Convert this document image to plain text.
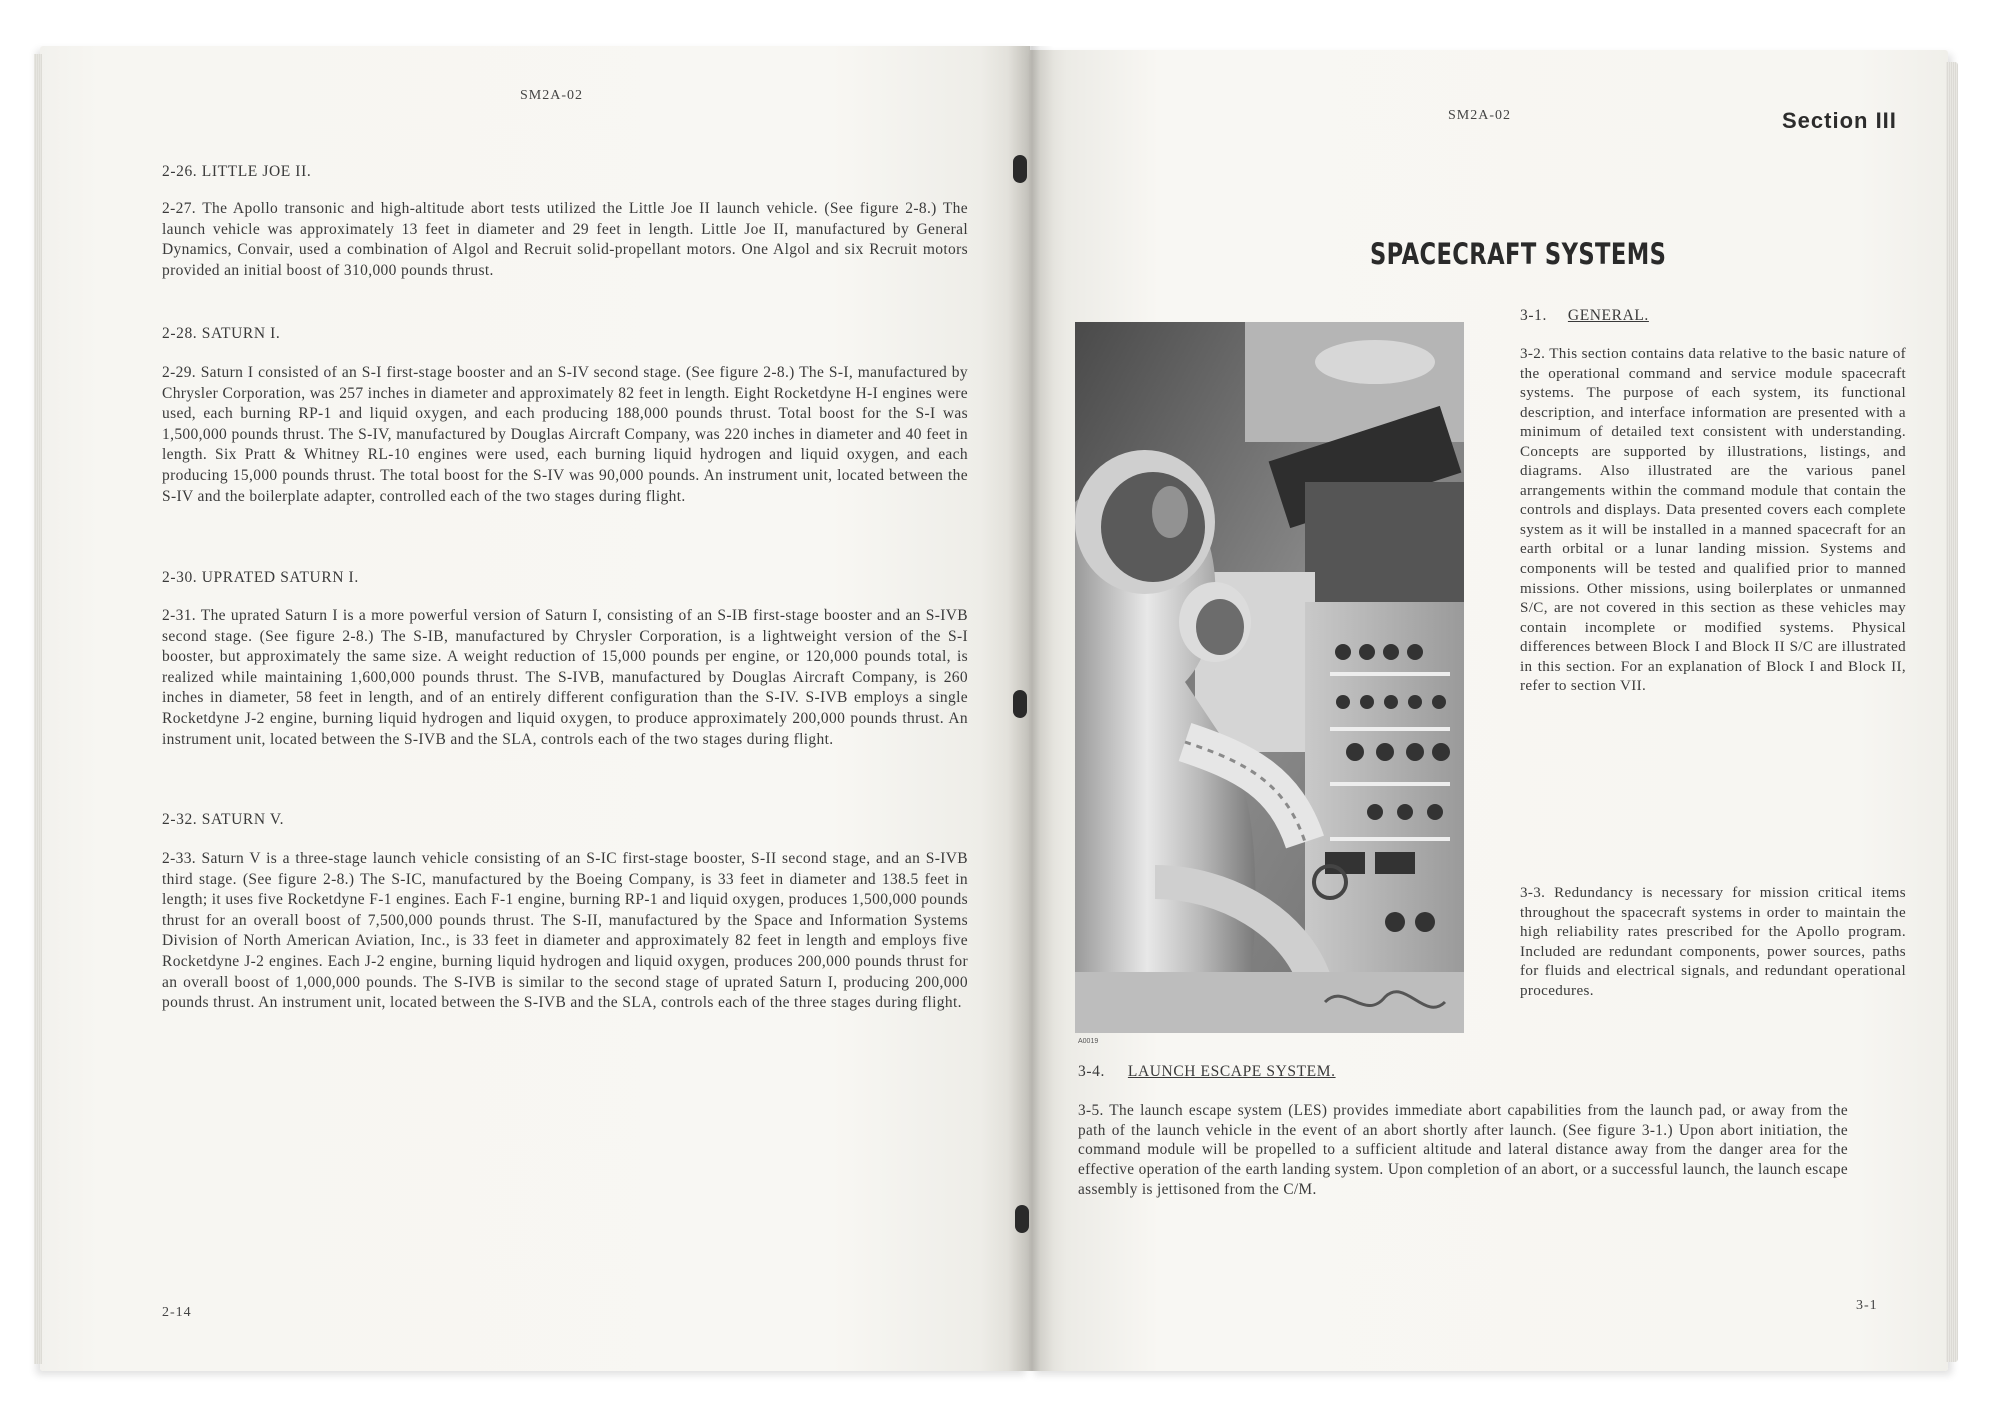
SM2A-02
2-26. LITTLE JOE II.

2-27. The Apollo transonic and high-altitude abort tests utilized the Little Joe II launch vehicle. (See figure 2-8.) The launch vehicle was approximately 13 feet in diameter and 29 feet in length. Little Joe II, manufactured by General Dynamics, Convair, used a combination of Algol and Recruit solid-propellant motors. One Algol and six Recruit motors provided an initial boost of 310,000 pounds thrust.

2-28. SATURN I.

2-29. Saturn I consisted of an S-I first-stage booster and an S-IV second stage. (See figure 2-8.) The S-I, manufactured by Chrysler Corporation, was 257 inches in diameter and approximately 82 feet in length. Eight Rocketdyne H-I engines were used, each burning RP-1 and liquid oxygen, and each producing 188,000 pounds thrust. Total boost for the S-I was 1,500,000 pounds thrust. The S-IV, manufactured by Douglas Aircraft Company, was 220 inches in diameter and 40 feet in length. Six Pratt & Whitney RL-10 engines were used, each burning liquid hydrogen and liquid oxygen, and each producing 15,000 pounds thrust. The total boost for the S-IV was 90,000 pounds. An instrument unit, located between the S-IV and the boilerplate adapter, controlled each of the two stages during flight.

2-30. UPRATED SATURN I.

2-31. The uprated Saturn I is a more powerful version of Saturn I, consisting of an S-IB first-stage booster and an S-IVB second stage. (See figure 2-8.) The S-IB, manufactured by Chrysler Corporation, is a lightweight version of the S-I booster, but approximately the same size. A weight reduction of 15,000 pounds per engine, or 120,000 pounds total, is realized while maintaining 1,600,000 pounds thrust. The S-IVB, manufactured by Douglas Aircraft Company, is 260 inches in diameter, 58 feet in length, and of an entirely different configuration than the S-IV. S-IVB employs a single Rocketdyne J-2 engine, burning liquid hydrogen and liquid oxygen, to produce approximately 200,000 pounds thrust. An instrument unit, located between the S-IVB and the SLA, controls each of the two stages during flight.

2-32. SATURN V.

2-33. Saturn V is a three-stage launch vehicle consisting of an S-IC first-stage booster, S-II second stage, and an S-IVB third stage. (See figure 2-8.) The S-IC, manufactured by the Boeing Company, is 33 feet in diameter and 138.5 feet in length; it uses five Rocketdyne F-1 engines. Each F-1 engine, burning RP-1 and liquid oxygen, produces 1,500,000 pounds thrust for an overall boost of 7,500,000 pounds thrust. The S-II, manufactured by the Space and Information Systems Division of North American Aviation, Inc., is 33 feet in diameter and approximately 82 feet in length and employs five Rocketdyne J-2 engines. Each J-2 engine, burning liquid hydrogen and liquid oxygen, produces 200,000 pounds thrust for an overall boost of 1,000,000 pounds. The S-IVB is similar to the second stage of uprated Saturn I, producing 200,000 pounds thrust. An instrument unit, located between the S-IVB and the SLA, controls each of the three stages during flight.

2-14
SM2A-02	Section III
SPACECRAFT SYSTEMS
A0019
3-1. GENERAL.

3-2. This section contains data relative to the basic nature of the operational command and service module spacecraft systems. The purpose of each system, its functional description, and interface information are presented with a minimum of detailed text consistent with understanding. Concepts are supported by illustrations, listings, and diagrams. Also illustrated are the various panel arrangements within the command module that contain the controls and displays. Data presented covers each complete system as it will be installed in a manned spacecraft for an earth orbital or a lunar landing mission. Systems and components will be tested and qualified prior to manned missions. Other missions, using boilerplates or unmanned S/C, are not covered in this section as these vehicles may contain incomplete or modified systems. Physical differences between Block I and Block II S/C are illustrated in this section. For an explanation of Block I and Block II, refer to section VII.

3-3. Redundancy is necessary for mission critical items throughout the spacecraft systems in order to maintain the high reliability rates prescribed for the Apollo program. Included are redundant components, power sources, paths for fluids and electrical signals, and redundant operational procedures.

3-4. LAUNCH ESCAPE SYSTEM.

3-5. The launch escape system (LES) provides immediate abort capabilities from the launch pad, or away from the path of the launch vehicle in the event of an abort shortly after launch. (See figure 3-1.) Upon abort initiation, the command module will be propelled to a sufficient altitude and lateral distance away from the danger area for the effective operation of the earth landing system. Upon completion of an abort, or a successful launch, the launch escape assembly is jettisoned from the C/M.

3-1
